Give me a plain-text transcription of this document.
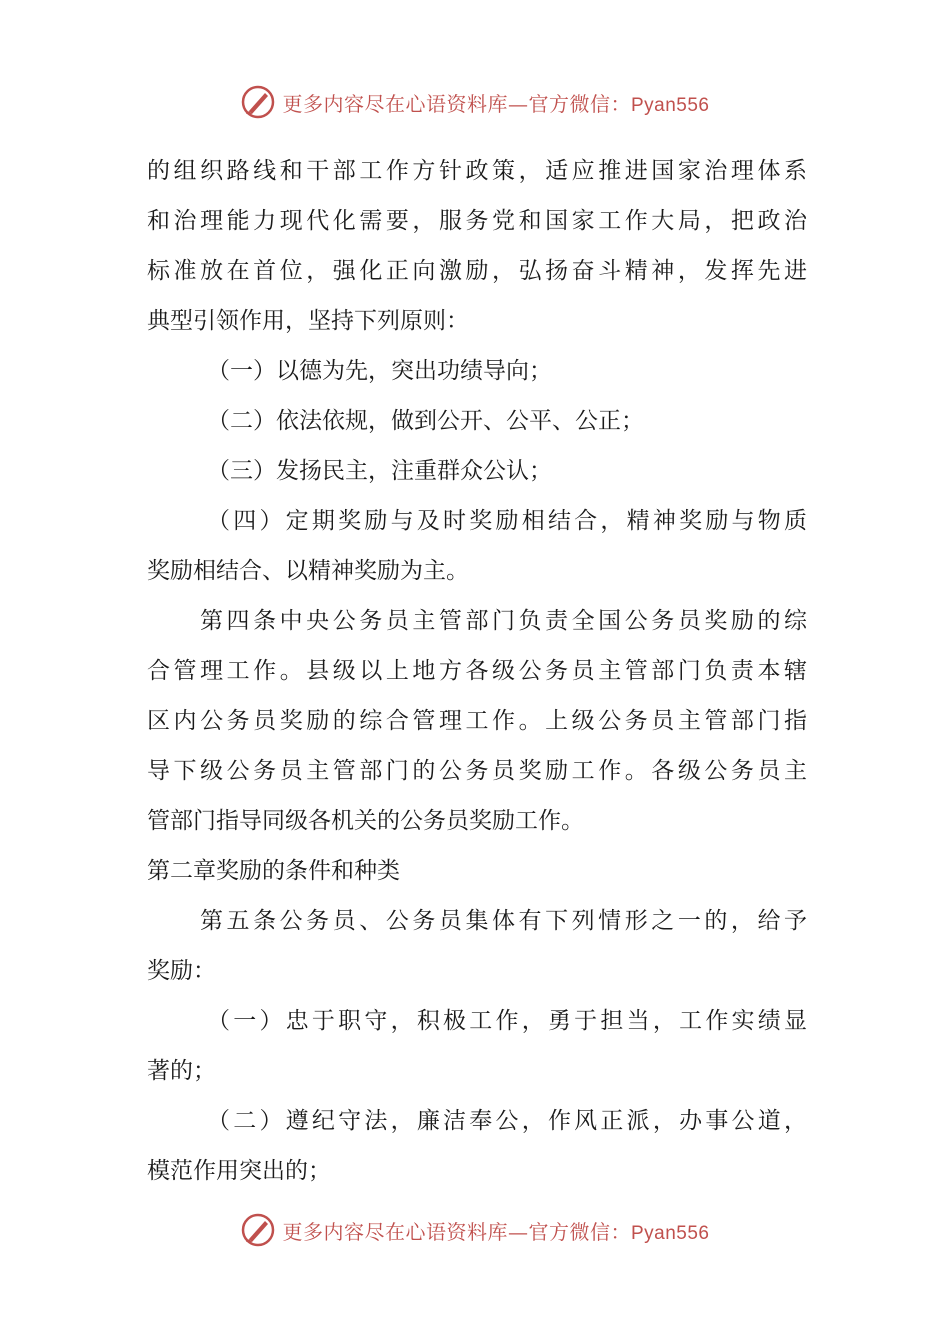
更多内容尽在心语资料库—官方微信：Pyan556
的组织路线和干部工作方针政策，适应推进国家治理体系
和治理能力现代化需要，服务党和国家工作大局，把政治
标准放在首位，强化正向激励，弘扬奋斗精神，发挥先进
典型引领作用，坚持下列原则：
（一）以德为先，突出功绩导向；
（二）依法依规，做到公开、公平、公正；
（三）发扬民主，注重群众公认；
（四）定期奖励与及时奖励相结合，精神奖励与物质
奖励相结合、以精神奖励为主。
第四条中央公务员主管部门负责全国公务员奖励的综
合管理工作。县级以上地方各级公务员主管部门负责本辖
区内公务员奖励的综合管理工作。上级公务员主管部门指
导下级公务员主管部门的公务员奖励工作。各级公务员主
管部门指导同级各机关的公务员奖励工作。
第二章奖励的条件和种类
第五条公务员、公务员集体有下列情形之一的，给予
奖励：
（一）忠于职守，积极工作，勇于担当，工作实绩显
著的；
（二）遵纪守法，廉洁奉公，作风正派，办事公道，
模范作用突出的；
更多内容尽在心语资料库—官方微信：Pyan556
